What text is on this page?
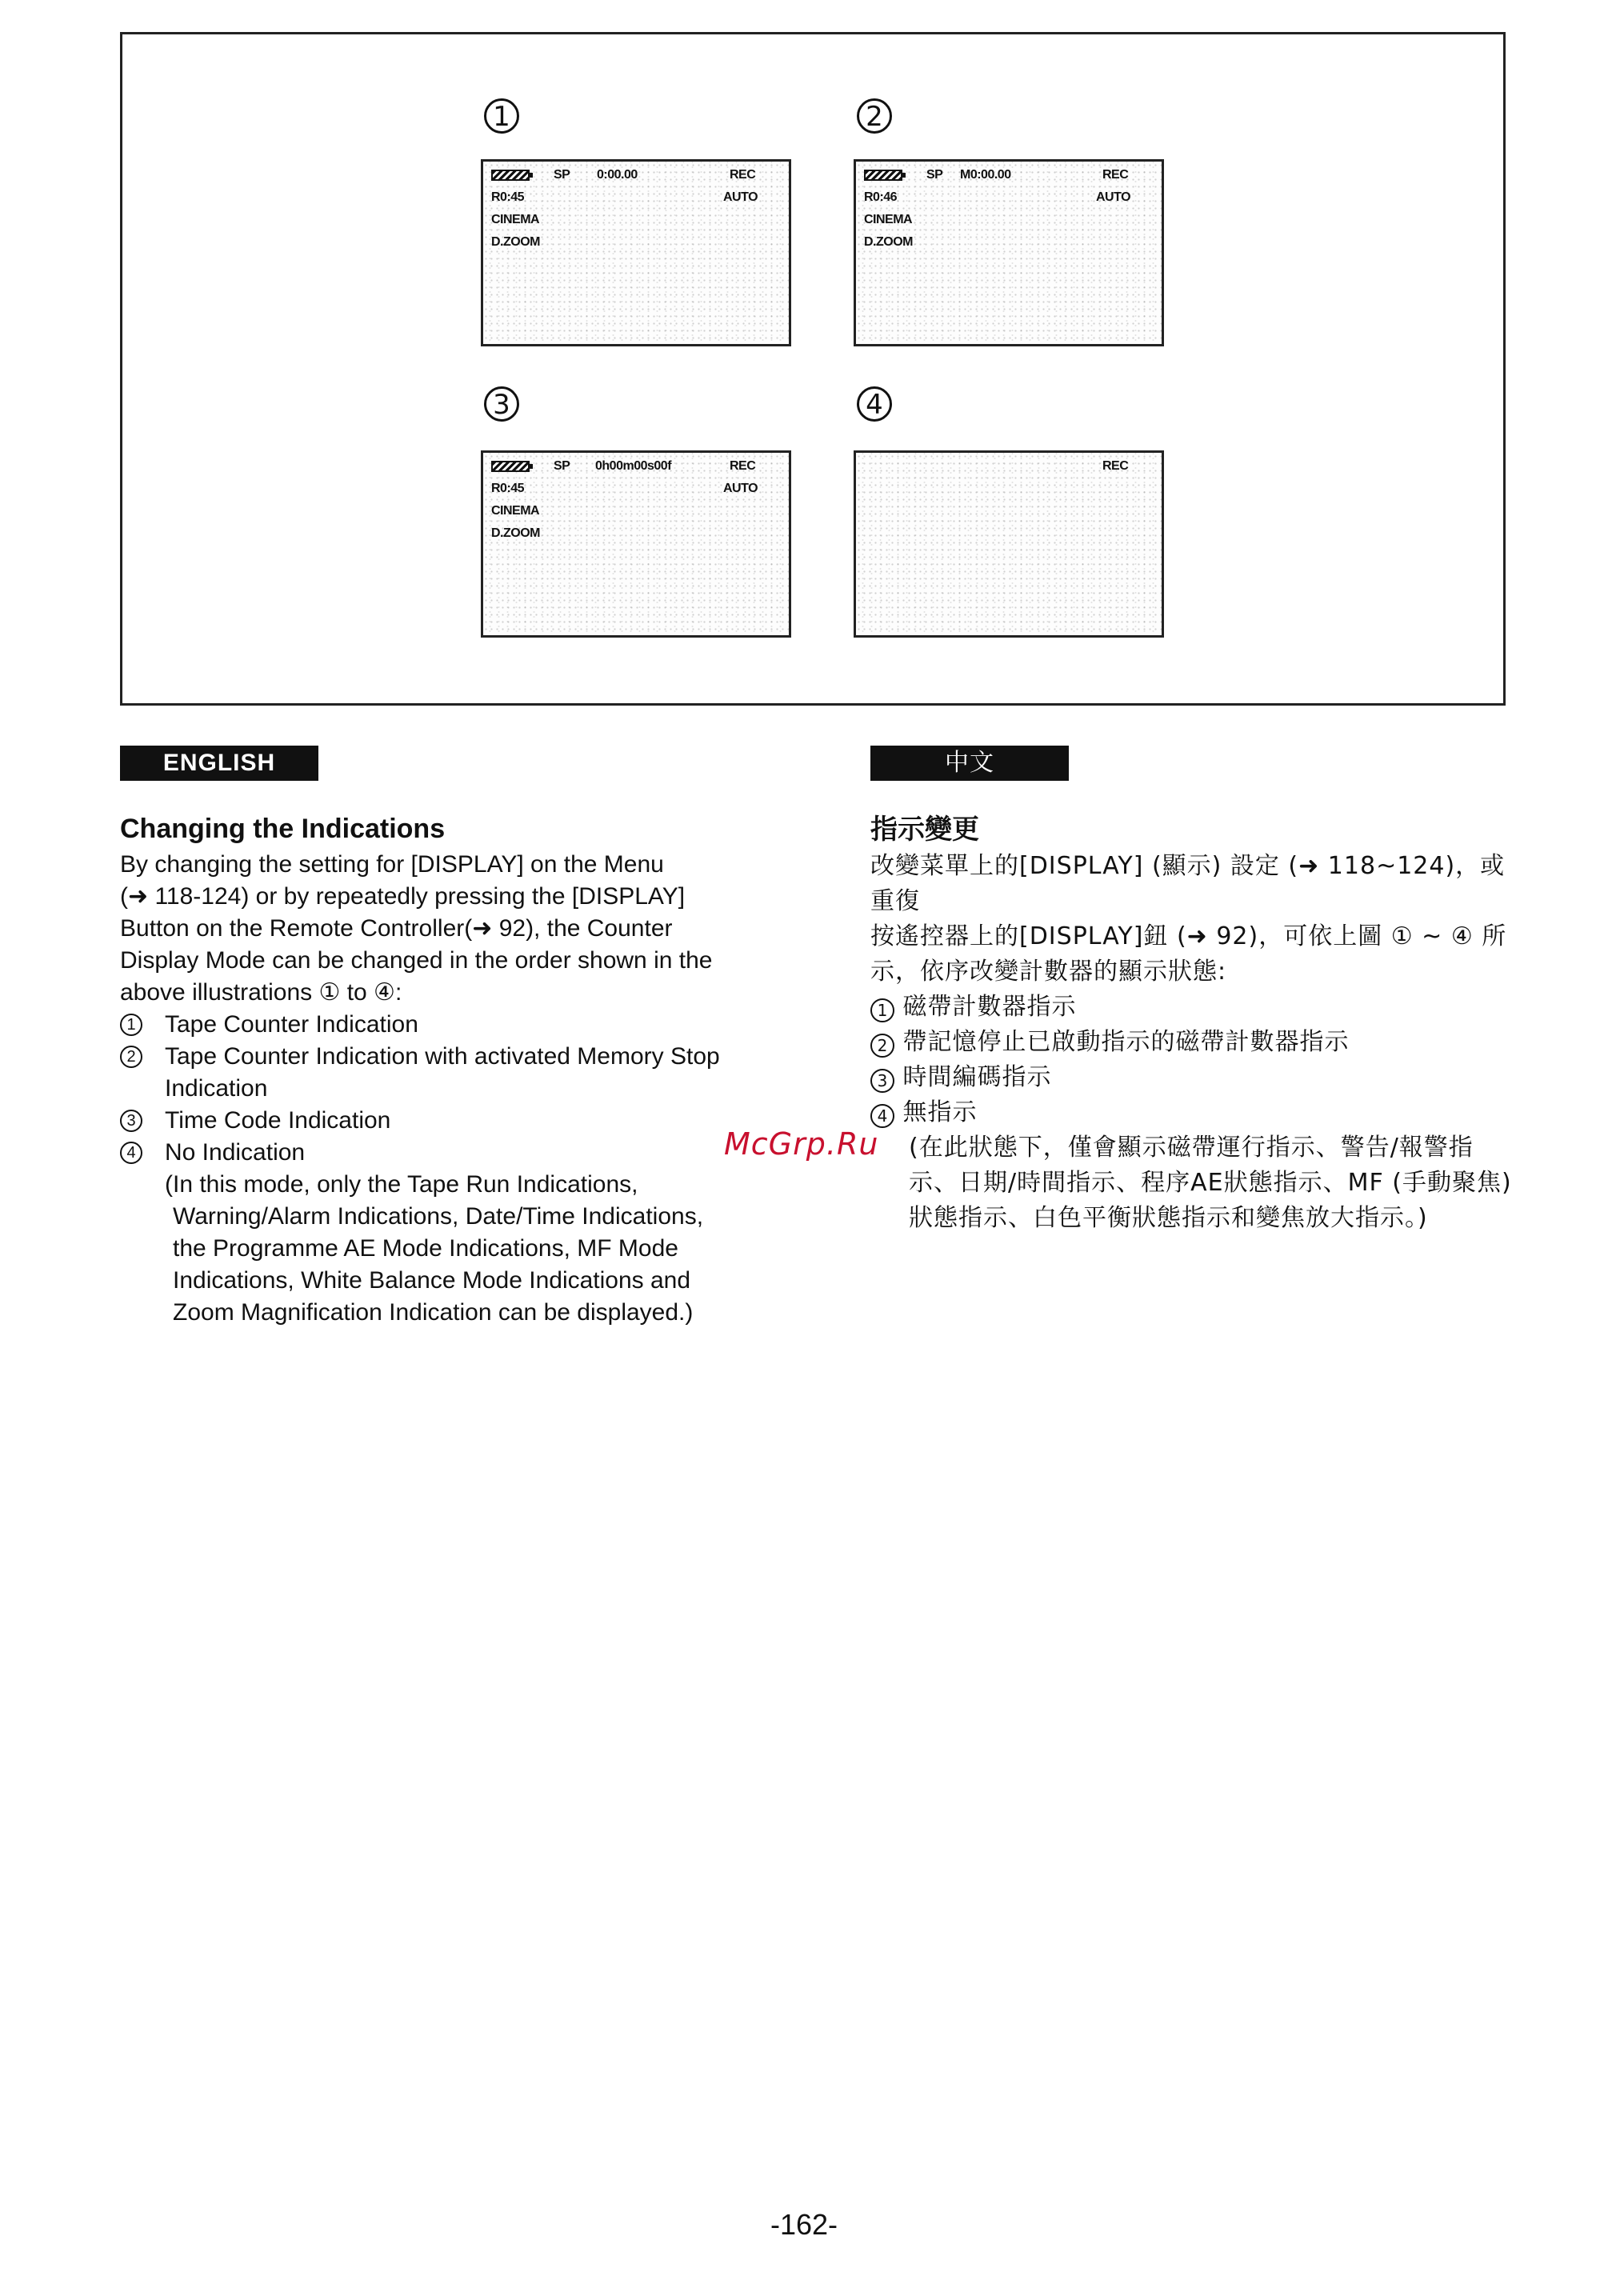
1
SP 0:00.00	REC
R0:45	AUTO
CINEMA
D.ZOOM
2
SP M0:00.00	REC
R0:46	AUTO
CINEMA
D.ZOOM
3
SP 0h00m00s00f	REC
R0:45	AUTO
CINEMA
D.ZOOM
4
REC
ENGLISH
Changing the Indications

By changing the setting for [DISPLAY] on the Menu

(➜ 118-124) or by repeatedly pressing the [DISPLAY]

Button on the Remote Controller(➜ 92), the Counter

Display Mode can be changed in the order shown in the

above illustrations ① to ④:

1 Tape Counter Indication
2 Tape Counter Indication with activated Memory Stop
Indication
3 Time Code Indication
4 No Indication

(In this mode, only the Tape Run Indications,

Warning/Alarm Indications, Date/Time Indications,

the Programme AE Mode Indications, MF Mode

Indications, White Balance Mode Indications and

Zoom Magnification Indication can be displayed.)

中文
指示變更
改變菜單上的[DISPLAY] (顯示) 設定 (➜ 118~124)，或重復
按遙控器上的[DISPLAY]鈕 (➜ 92)，可依上圖 ① ~ ④ 所
示，依序改變計數器的顯示狀態:
1 磁帶計數器指示
2 帶記憶停止已啟動指示的磁帶計數器指示
3 時間編碼指示
4 無指示
(在此狀態下，僅會顯示磁帶運行指示、警告/報警指
示、日期/時間指示、程序AE狀態指示、MF (手動聚焦)
狀態指示、白色平衡狀態指示和變焦放大指示。)
McGrp.Ru
-162-
